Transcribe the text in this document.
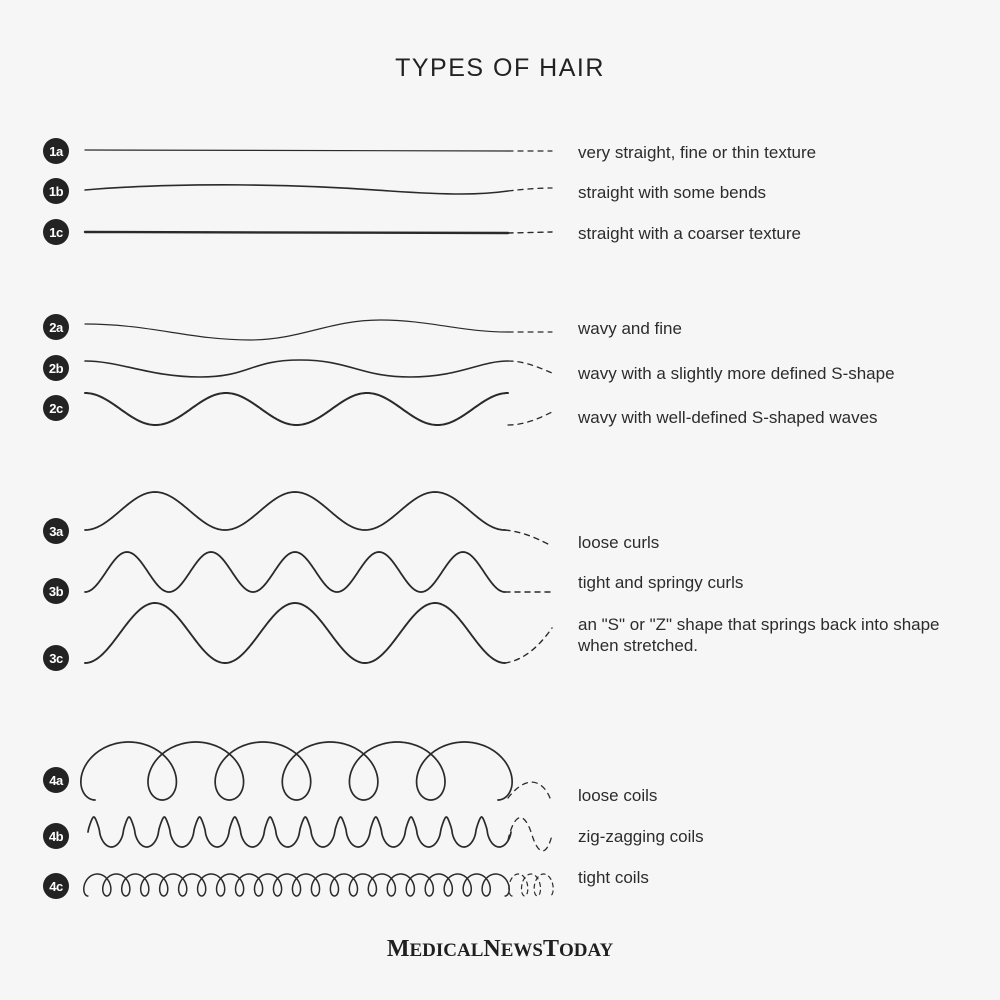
TYPES OF HAIR
1a
1b
1c
2a
2b
2c
3a
3b
3c
4a
4b
4c
very straight, fine or thin texture
straight with some bends
straight with a coarser texture
wavy and fine
wavy with a slightly more defined S-shape
wavy with well-defined S-shaped waves
loose curls
tight and springy curls
an "S" or "Z" shape that springs back into shape when stretched.
loose coils
zig-zagging coils
tight coils
MEDICALNEWSTODAY
